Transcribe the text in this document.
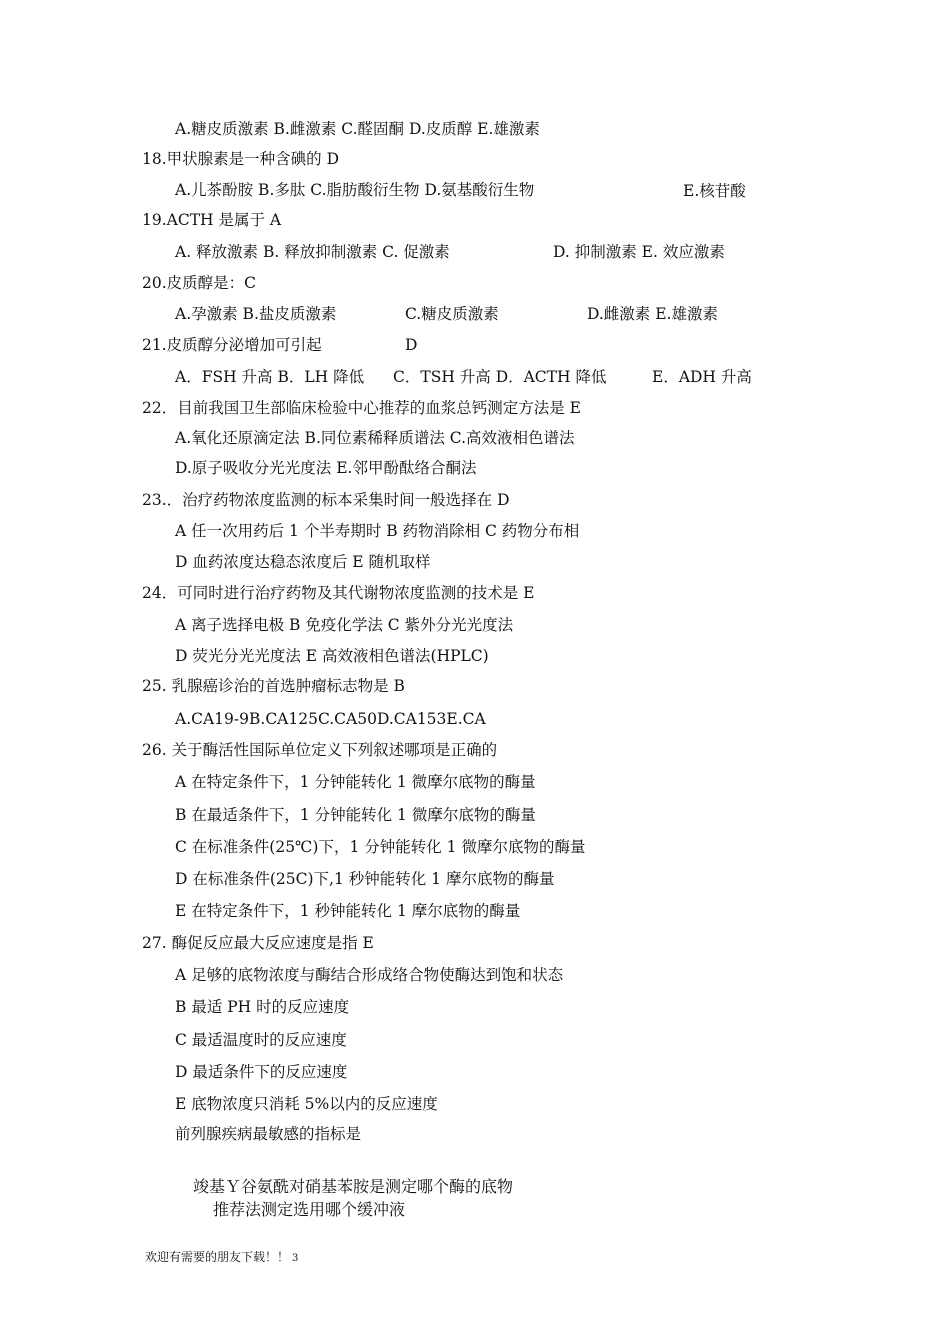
A.糖皮质激素 B.雌激素 C.醛固酮 D.皮质醇 E.雄激素
18.甲状腺素是一种含碘的 D
A.儿茶酚胺 B.多肽 C.脂肪酸衍生物 D.氨基酸衍生物	E.核苷酸
19.ACTH 是属于 A
A. 释放激素 B. 释放抑制激素 C. 促激素	D. 抑制激素 E. 效应激素
20.皮质醇是：C
A.孕激素 B.盐皮质激素	C.糖皮质激素	D.雌激素 E.雄激素
21.皮质醇分泌增加可引起	D
A．FSH 升高 B．LH 降低 C．TSH 升高 D．ACTH 降低	E．ADH 升高
22．目前我国卫生部临床检验中心推荐的血浆总钙测定方法是 E
A.氧化还原滴定法 B.同位素稀释质谱法 C.高效液相色谱法
D.原子吸收分光光度法 E.邻甲酚酞络合酮法
23.．治疗药物浓度监测的标本采集时间一般选择在 D
A 任一次用药后 1 个半寿期时 B 药物消除相 C 药物分布相
D 血药浓度达稳态浓度后 E 随机取样
24．可同时进行治疗药物及其代谢物浓度监测的技术是 E
A 离子选择电极 B 免疫化学法 C 紫外分光光度法
D 荧光分光光度法 E 高效液相色谱法(HPLC)
25. 乳腺癌诊治的首选肿瘤标志物是 B
A.CA19-9B.CA125C.CA50D.CA153E.CA
26. 关于酶活性国际单位定义下列叙述哪项是正确的
A 在特定条件下，1 分钟能转化 1 微摩尔底物的酶量
B 在最适条件下，1 分钟能转化 1 微摩尔底物的酶量
C 在标准条件(25℃)下，1 分钟能转化 1 微摩尔底物的酶量
D 在标准条件(25C)下,1 秒钟能转化 1 摩尔底物的酶量
E 在特定条件下，1 秒钟能转化 1 摩尔底物的酶量
27. 酶促反应最大反应速度是指 E
A 足够的底物浓度与酶结合形成络合物使酶达到饱和状态
B 最适 PH 时的反应速度
C 最适温度时的反应速度
D 最适条件下的反应速度
E 底物浓度只消耗 5%以内的反应速度
前列腺疾病最敏感的指标是
竣基Ｙ谷氨酰对硝基苯胺是测定哪个酶的底物
推荐法测定选用哪个缓冲液
欢迎有需要的朋友下载！！ 3
